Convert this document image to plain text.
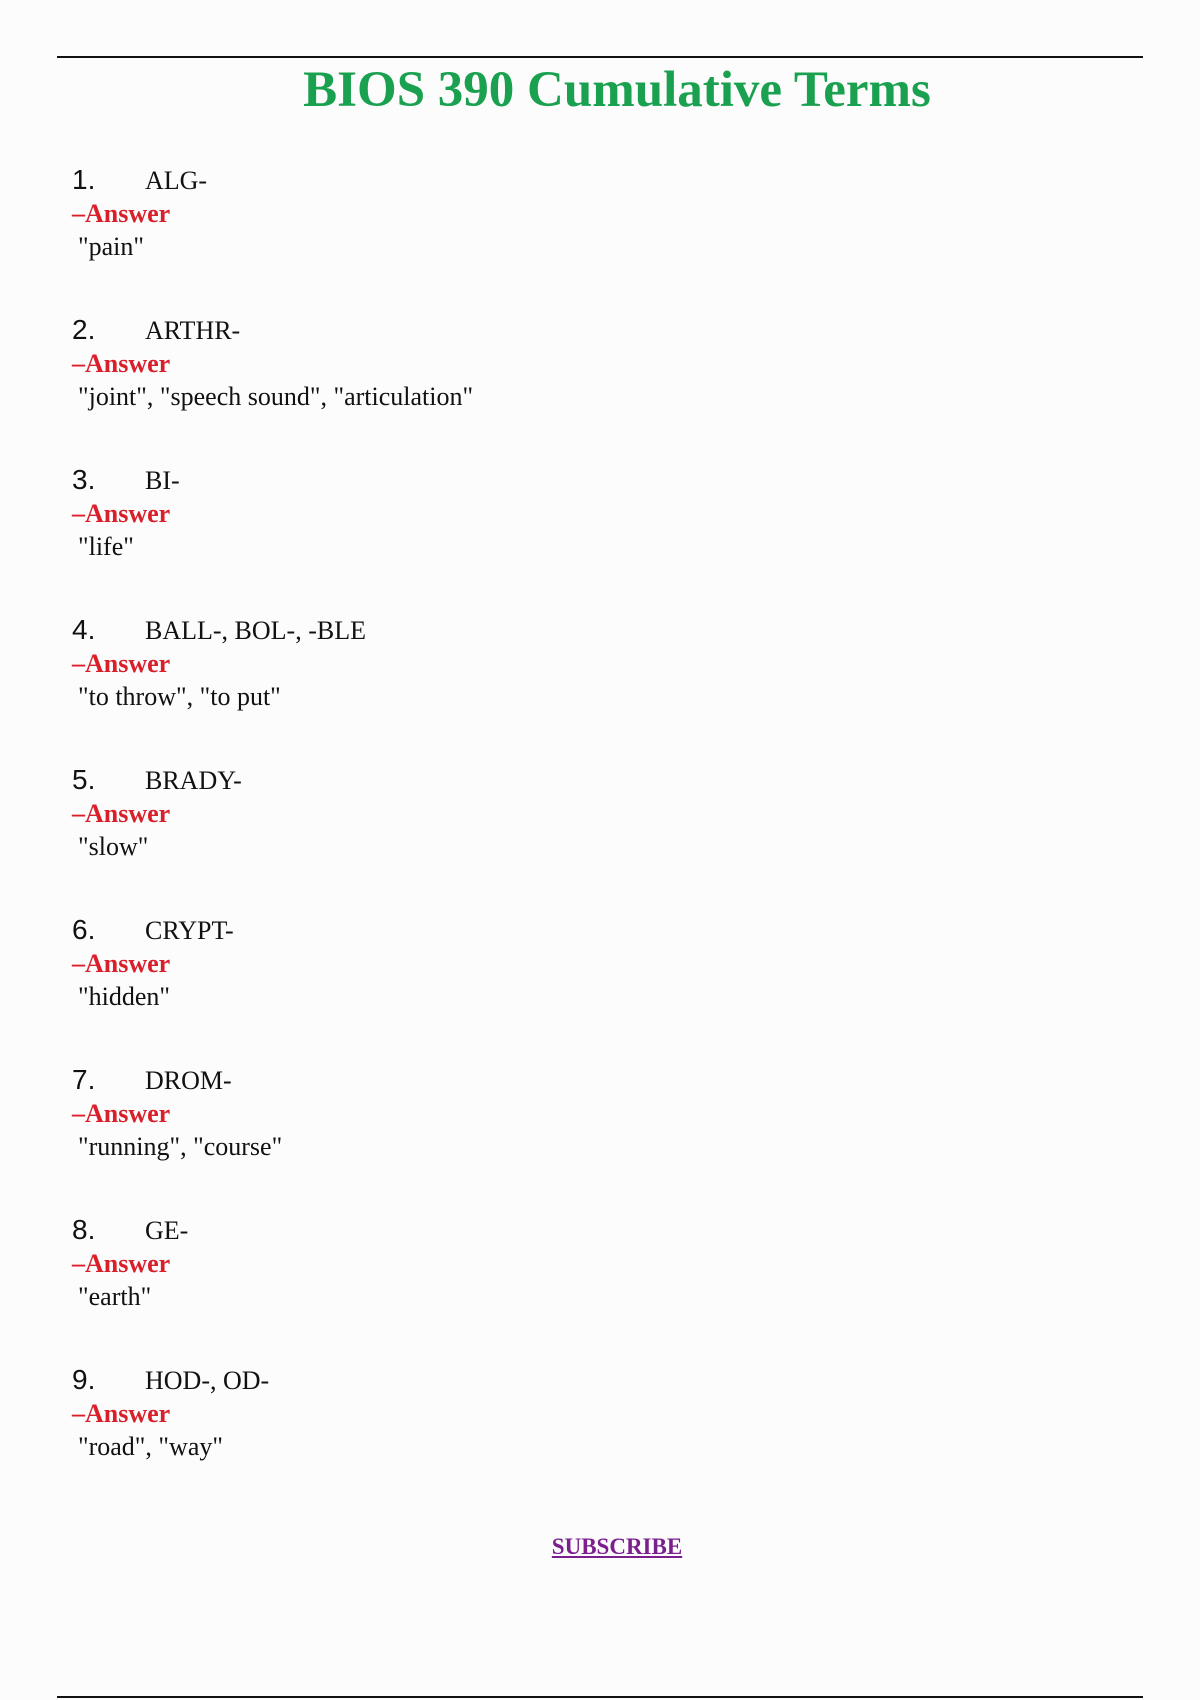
BIOS 390 Cumulative Terms
1.	ALG-
–Answer
"pain"
2.	ARTHR-
–Answer
"joint", "speech sound", "articulation"
3.	BI-
–Answer
"life"
4.	BALL-, BOL-, -BLE
–Answer
"to throw", "to put"
5.	BRADY-
–Answer
"slow"
6.	CRYPT-
–Answer
"hidden"
7.	DROM-
–Answer
"running", "course"
8.	GE-
–Answer
"earth"
9.	HOD-, OD-
–Answer
"road", "way"
SUBSCRIBE
